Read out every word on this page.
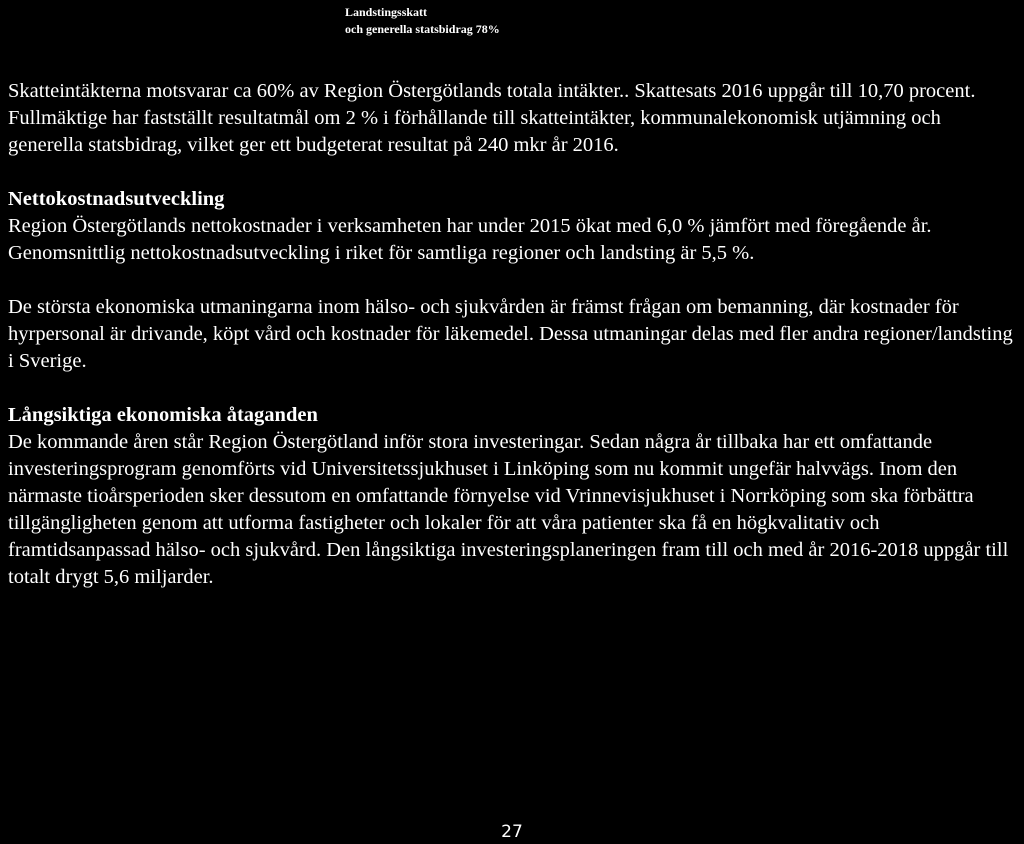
Landstingsskatt
och generella statsbidrag 78%

Skatteintäkterna motsvarar ca 60% av Region Östergötlands totala intäkter.. Skattesats 2016 uppgår till 10,70 procent. Fullmäktige har fastställt resultatmål om 2 % i förhållande till skatteintäkter, kommunalekonomisk utjämning och generella statsbidrag, vilket ger ett budgeterat resultat på 240 mkr år 2016.

Nettokostnadsutveckling

Region Östergötlands nettokostnader i verksamheten har under 2015 ökat med 6,0 % jämfört med föregående år. Genomsnittlig nettokostnadsutveckling i riket för samtliga regioner och landsting är 5,5 %.

De största ekonomiska utmaningarna inom hälso- och sjukvården är främst frågan om bemanning, där kostnader för hyrpersonal är drivande, köpt vård och kostnader för läkemedel. Dessa utmaningar delas med fler andra regioner/landsting i Sverige.

Långsiktiga ekonomiska åtaganden

De kommande åren står Region Östergötland inför stora investeringar. Sedan några år tillbaka har ett omfattande investeringsprogram genomförts vid Universitetssjukhuset i Linköping som nu kommit ungefär halvvägs. Inom den närmaste tioårsperioden sker dessutom en omfattande förnyelse vid Vrinnevisjukhuset i Norrköping som ska förbättra tillgängligheten genom att utforma fastigheter och lokaler för att våra patienter ska få en högkvalitativ och framtidsanpassad hälso- och sjukvård. Den långsiktiga investeringsplaneringen fram till och med år 2016-2018 uppgår till totalt drygt 5,6 miljarder.

27
